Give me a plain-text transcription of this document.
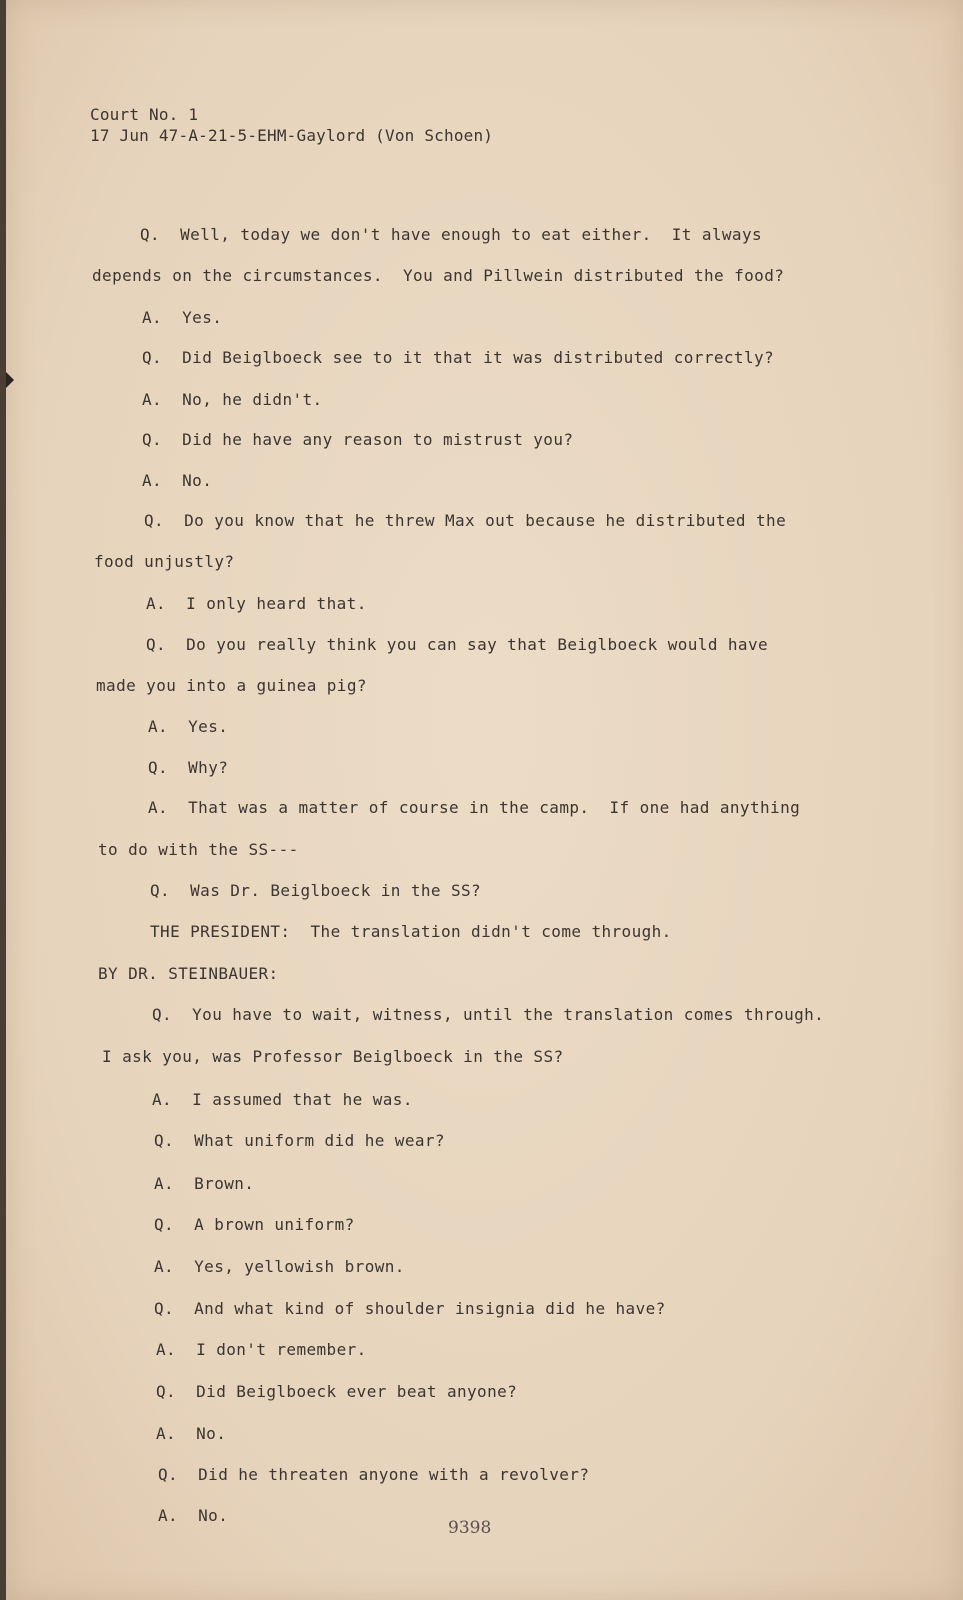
Court No. 1
17 Jun 47-A-21-5-EHM-Gaylord (Von Schoen)
Q.  Well, today we don't have enough to eat either.  It always
depends on the circumstances.  You and Pillwein distributed the food?
A.  Yes.
Q.  Did Beiglboeck see to it that it was distributed correctly?
A.  No, he didn't.
Q.  Did he have any reason to mistrust you?
A.  No.
Q.  Do you know that he threw Max out because he distributed the
food unjustly?
A.  I only heard that.
Q.  Do you really think you can say that Beiglboeck would have
made you into a guinea pig?
A.  Yes.
Q.  Why?
A.  That was a matter of course in the camp.  If one had anything
to do with the SS---
Q.  Was Dr. Beiglboeck in the SS?
THE PRESIDENT:  The translation didn't come through.
BY DR. STEINBAUER:
Q.  You have to wait, witness, until the translation comes through.
I ask you, was Professor Beiglboeck in the SS?
A.  I assumed that he was.
Q.  What uniform did he wear?
A.  Brown.
Q.  A brown uniform?
A.  Yes, yellowish brown.
Q.  And what kind of shoulder insignia did he have?
A.  I don't remember.
Q.  Did Beiglboeck ever beat anyone?
A.  No.
Q.  Did he threaten anyone with a revolver?
A.  No.
9398
